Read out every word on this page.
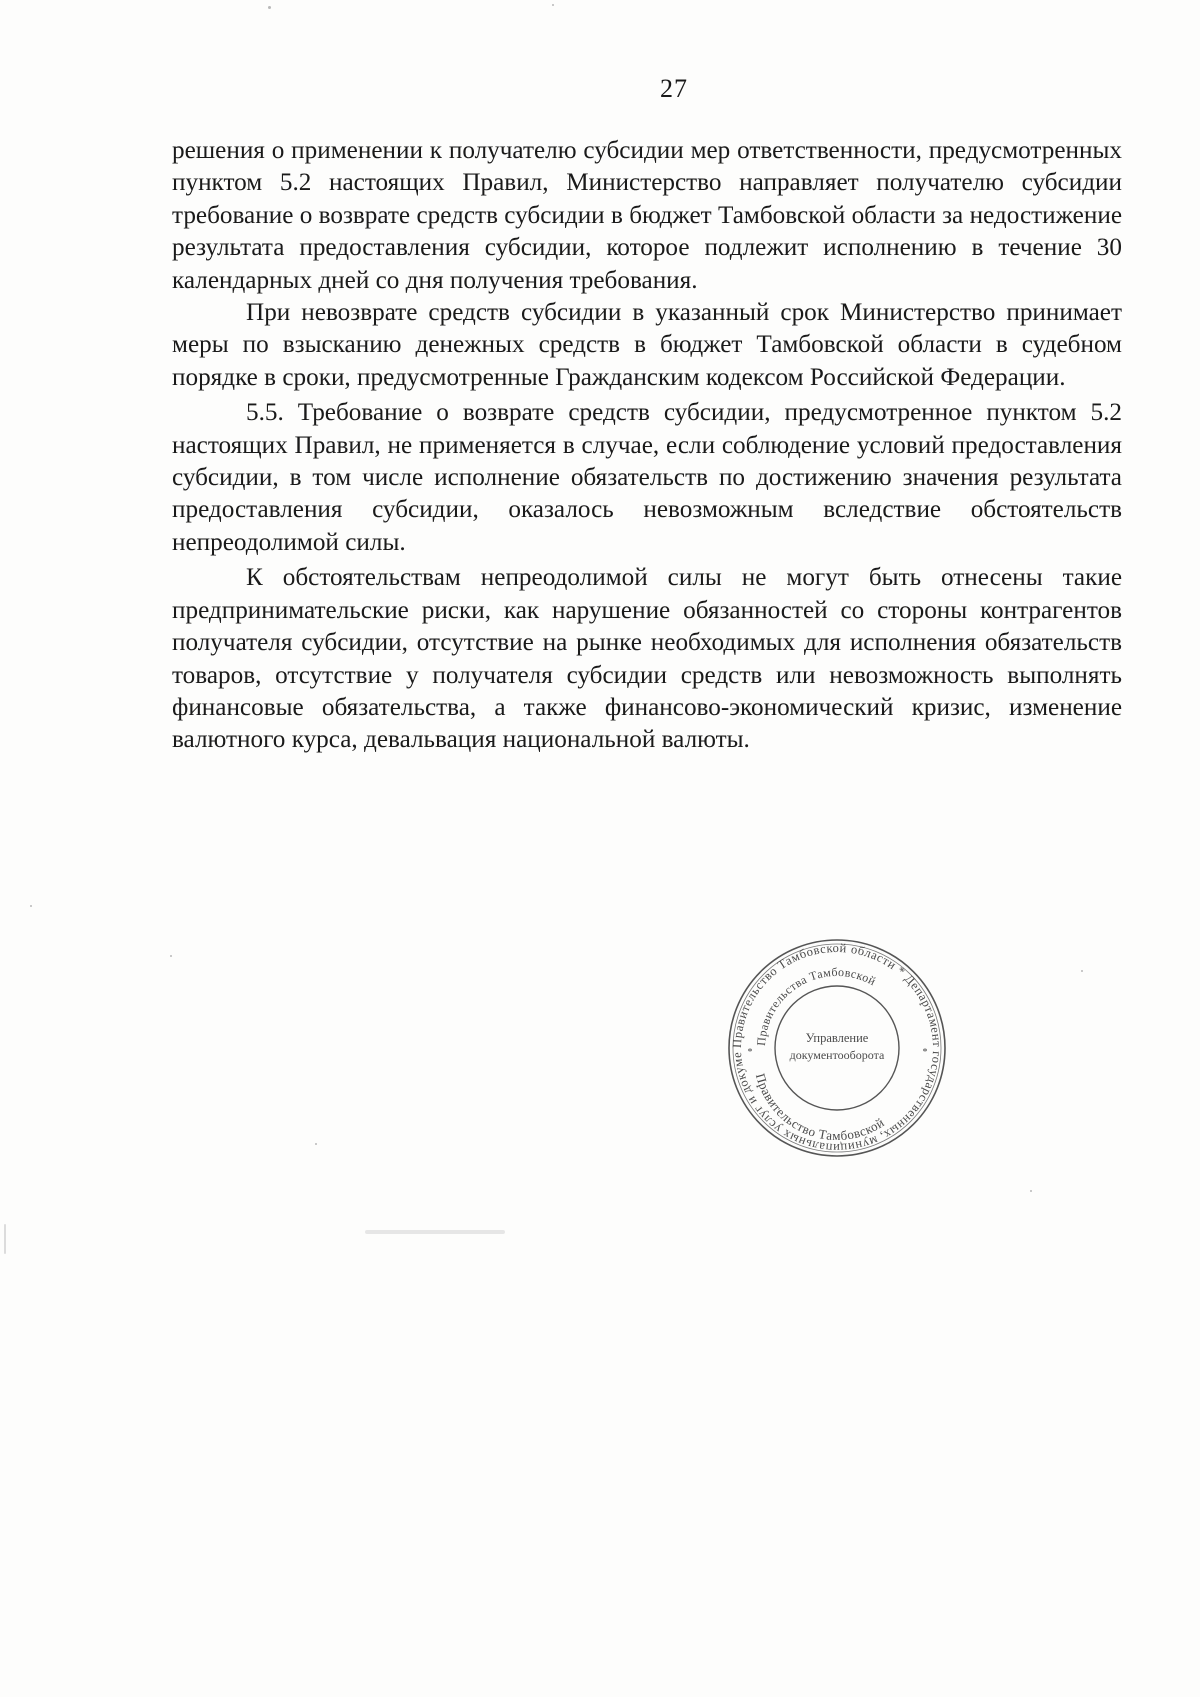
27

решения о применении к получателю субсидии мер ответственности, предусмотренных пунктом 5.2 настоящих Правил, Министерство направляет получателю субсидии требование о возврате средств субсидии в бюджет Тамбовской области за недостижение результата предоставления субсидии, которое подлежит исполнению в течение 30 календарных дней со дня получения требования.

При невозврате средств субсидии в указанный срок Министерство принимает меры по взысканию денежных средств в бюджет Тамбовской области в судебном порядке в сроки, предусмотренные Гражданским кодексом Российской Федерации.

5.5. Требование о возврате средств субсидии, предусмотренное пунктом 5.2 настоящих Правил, не применяется в случае, если соблюдение условий предоставления субсидии, в том числе исполнение обязательств по достижению значения результата предоставления субсидии, оказалось невозможным вследствие обстоятельств непреодолимой силы.

К обстоятельствам непреодолимой силы не могут быть отнесены такие предпринимательские риски, как нарушение обязанностей со стороны контрагентов получателя субсидии, отсутствие на рынке необходимых для исполнения обязательств товаров, отсутствие у получателя субсидии средств или невозможность выполнять финансовые обязательства, а также финансово-экономический кризис, изменение валютного курса, девальвация национальной валюты.

Правительство Тамбовской области * Департамент государственных, муниципальных услуг и докуме
Правительства Тамбовской
Правительство Тамбовской
Управление
документооборота
*	*
